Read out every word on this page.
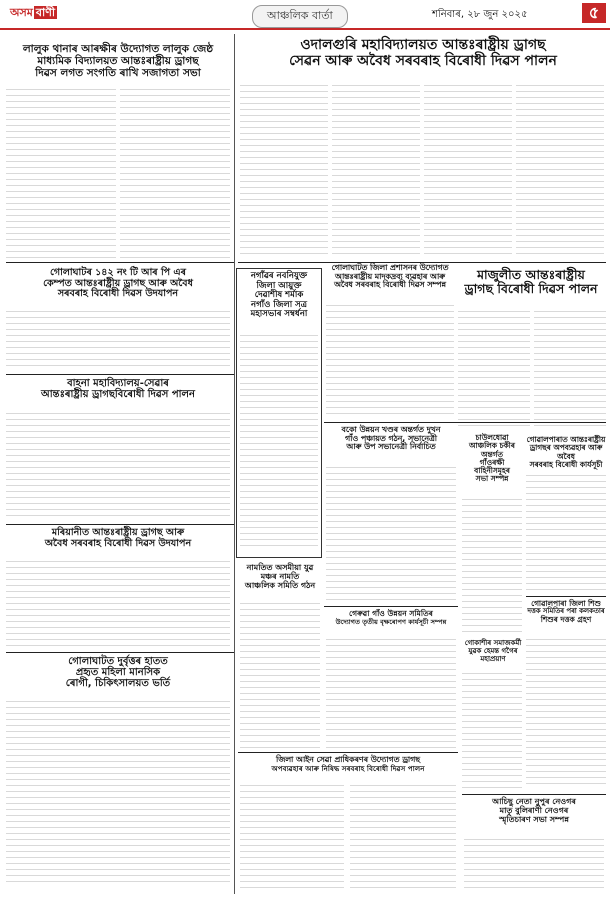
অসম বাণী	আঞ্চলিক বাৰ্তা	শনিবাৰ, ২৮ জুন ২০২৫	৫
লালুক থানাৰ আৰক্ষীৰ উদ্যোগত লালুক জেষ্ঠ
মাধ্যমিক বিদ্যালয়ত আন্তঃৰাষ্ট্ৰীয় ড্ৰাগছ
দিৱস লগত সংগতি ৰাখি সজাগতা সভা
ওদালগুৰি মহাবিদ্যালয়ত আন্তঃৰাষ্ট্ৰীয় ড্ৰাগছ
সেৱন আৰু অবৈধ সৰবৰাহ বিৰোধী দিৱস পালন
গোলাঘাটৰ ১৪২ নং টি আৰ পি এৰ
কেম্পত আন্তঃৰাষ্ট্ৰীয় ড্ৰাগছ আৰু অবৈধ
সৰবৰাহ বিৰোধী দিৱস উদযাপন
নগাঁৱৰ নবনিযুক্ত
জিলা আয়ুক্ত
দেৱাশীষ শৰ্মাক
নগাঁও জিলা সত্ৰ
মহাসভাৰ সম্বৰ্ধনা
গোলাঘাটত জিলা প্ৰশাসনৰ উদ্যোগত
আন্তঃৰাষ্ট্ৰীয় মাদকদ্ৰব্য ব্যৱহাৰ আৰু
অবৈধ সৰবৰাহ বিৰোধী দিৱস সম্পন্ন
মাজুলীত আন্তঃৰাষ্ট্ৰীয়
ড্ৰাগছ বিৰোধী দিৱস পালন
বাহনা মহাবিদ্যালয়-সেৱাৰ
আন্তঃৰাষ্ট্ৰীয় ড্ৰাগছবিৰোধী দিৱস পালন
বকো উন্নয়ন খণ্ডৰ অন্তৰ্গত দুখন
গাঁও পঞ্চায়ত গঠন, সভানেত্ৰী
আৰু উপ সভানেত্ৰী নিৰ্বাচিত
চাউলধোৱা
আঞ্চলিক চকীৰ
অন্তৰ্গত
গাঁওৰক্ষী
বাহিনীসমূহৰ
সভা সম্পন্ন
গোৱালপাৰাত আন্তঃৰাষ্ট্ৰীয়
ড্ৰাগছৰ অপব্যৱহাৰ আৰু অবৈধ
সৰবৰাহ বিৰোধী কাৰ্যসূচী
নামতিত অসমীয়া যুৱ
মঞ্চৰ নামতি
আঞ্চলিক সমিতি গঠন
মৰিয়ানীত আন্তঃৰাষ্ট্ৰীয় ড্ৰাগছ আৰু
অবৈধ সৰবৰাহ বিৰোধী দিৱস উদযাপন
গেৰুৱা গাঁও উন্নয়ন সমিতিৰ
উদ্যোগত তৃতীয় বৃক্ষৰোপণ কাৰ্যসূচী সম্পন্ন
গোলাঘাটত দুৰ্বৃত্তৰ হাতত
প্ৰহৃত মহিলা মানসিক
ৰোগী, চিকিৎসালয়ত ভৰ্তি
গোকাশীৰ সমাজকৰ্মী
যুৱক হেমন্ত গগৈৰ
মহাপ্ৰয়াণ
গোৱালপাৰা জিলা শিশু
দত্তক সমিতিৰ পৰা কলকতাৰ
শিশুৰ দত্তক গ্ৰহণ
জিলা আইন সেৱা প্ৰাধিকৰণৰ উদ্যোগত ড্ৰাগছ
অপব্যৱহাৰ আৰু নিষিদ্ধ সৰবৰাহ বিৰোধী দিৱস পালন
আচিছু নেতা নুপুৰ নেওগৰ
মাতৃ বুলিৰাণী নেওগৰ
স্মৃতিচাৰণ সভা সম্পন্ন
